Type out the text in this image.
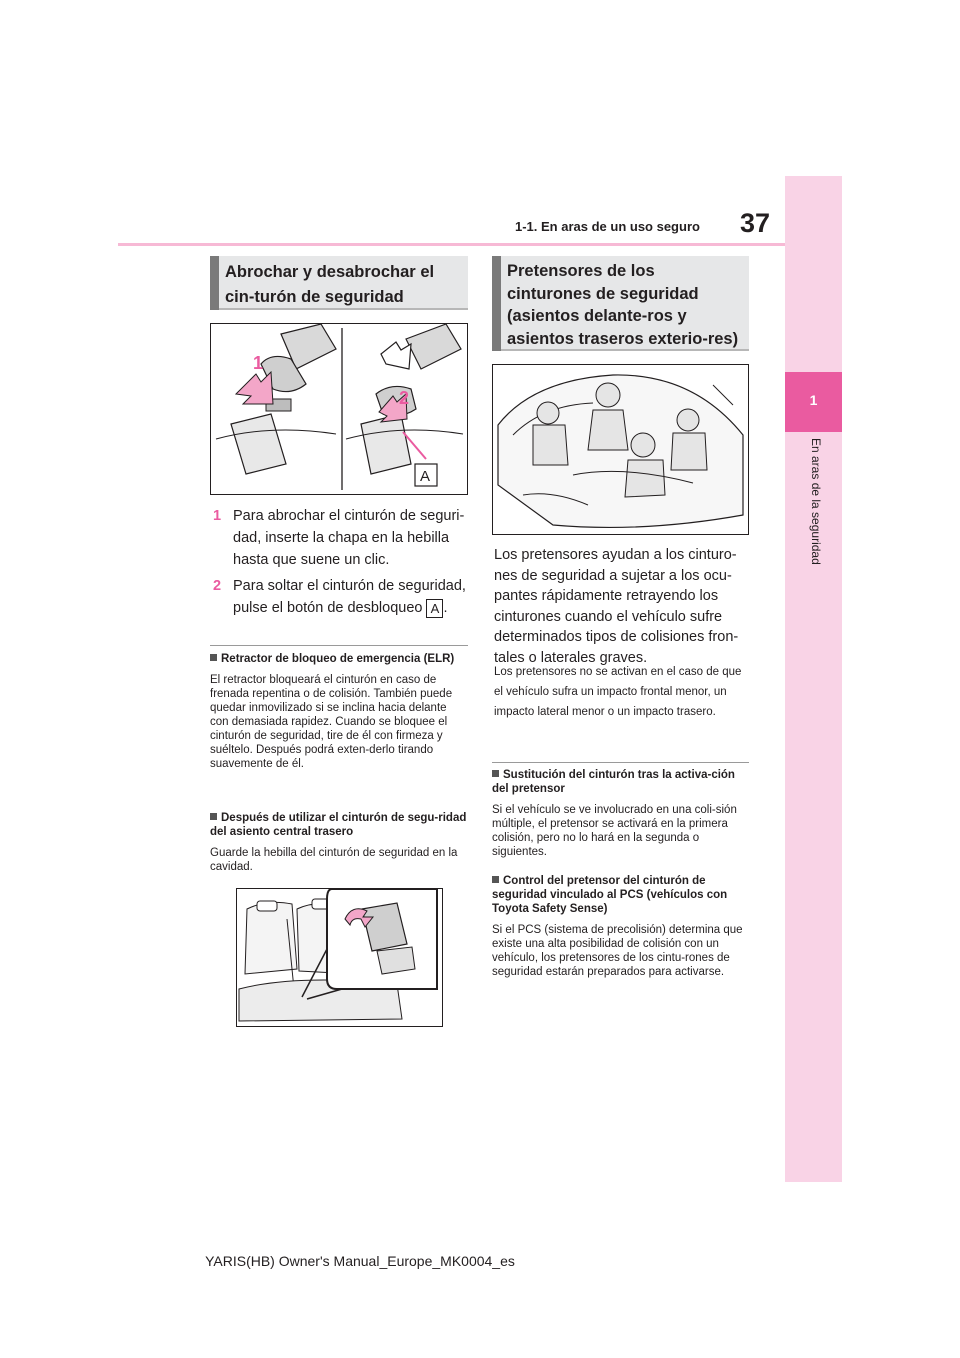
37
1-1. En aras de un uso seguro
1
En aras de la seguridad
Abrochar y desabrochar el cin-turón de seguridad
1
2
A
1 Para abrochar el cinturón de seguri-dad, inserte la chapa en la hebilla hasta que suene un clic.
2 Para soltar el cinturón de seguridad, pulse el botón de desbloqueo A .
Retractor de bloqueo de emergencia (ELR)
El retractor bloqueará el cinturón en caso de frenada repentina o de colisión. También puede quedar inmovilizado si se inclina hacia delante con demasiada rapidez. Cuando se bloquee el cinturón de seguridad, tire de él con firmeza y suéltelo. Después podrá exten-derlo tirando suavemente de él.
Después de utilizar el cinturón de segu-ridad del asiento central trasero
Guarde la hebilla del cinturón de seguridad en la cavidad.
Pretensores de los cinturones de seguridad (asientos delante-ros y asientos traseros exterio-res)
Los pretensores ayudan a los cinturo-nes de seguridad a sujetar a los ocu-pantes rápidamente retrayendo los cinturones cuando el vehículo sufre determinados tipos de colisiones fron-tales o laterales graves.
Los pretensores no se activan en el caso de que el vehículo sufra un impacto frontal menor, un impacto lateral menor o un impacto trasero.
Sustitución del cinturón tras la activa-ción del pretensor
Si el vehículo se ve involucrado en una coli-sión múltiple, el pretensor se activará en la primera colisión, pero no lo hará en la segunda o siguientes.
Control del pretensor del cinturón de seguridad vinculado al PCS (vehículos con Toyota Safety Sense)
Si el PCS (sistema de precolisión) determina que existe una alta posibilidad de colisión con un vehículo, los pretensores de los cintu-rones de seguridad estarán preparados para activarse.
YARIS(HB) Owner's Manual_Europe_MK0004_es
